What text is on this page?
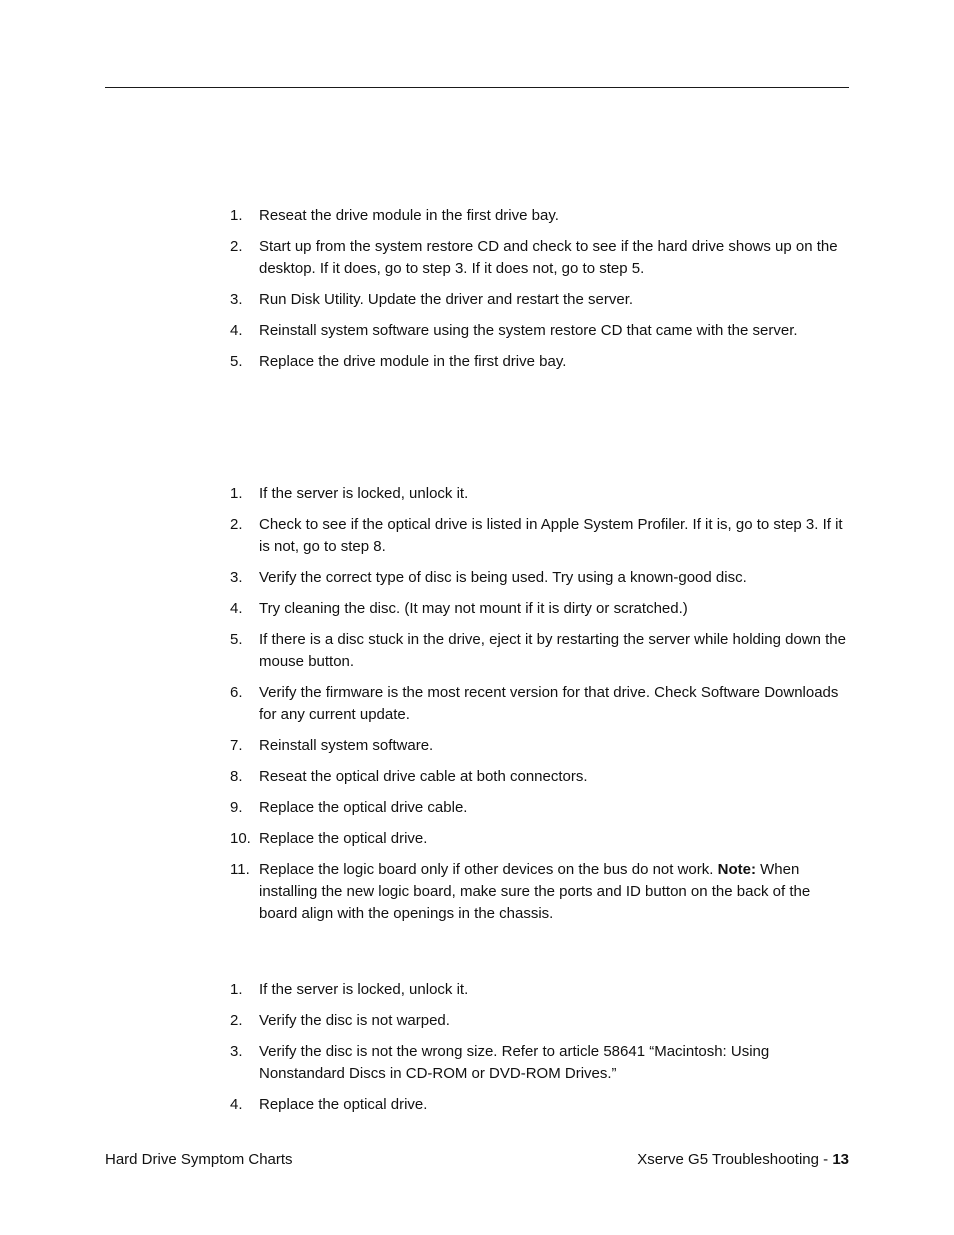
1. Reseat the drive module in the first drive bay.
2. Start up from the system restore CD and check to see if the hard drive shows up on the desktop. If it does, go to step 3. If it does not, go to step 5.
3. Run Disk Utility. Update the driver and restart the server.
4. Reinstall system software using the system restore CD that came with the server.
5. Replace the drive module in the first drive bay.
1. If the server is locked, unlock it.
2. Check to see if the optical drive is listed in Apple System Profiler. If it is, go to step 3. If it is not, go to step 8.
3. Verify the correct type of disc is being used. Try using a known-good disc.
4. Try cleaning the disc. (It may not mount if it is dirty or scratched.)
5. If there is a disc stuck in the drive, eject it by restarting the server while holding down the mouse button.
6. Verify the firmware is the most recent version for that drive. Check Software Downloads for any current update.
7. Reinstall system software.
8. Reseat the optical drive cable at both connectors.
9. Replace the optical drive cable.
10. Replace the optical drive.
11. Replace the logic board only if other devices on the bus do not work. Note: When installing the new logic board, make sure the ports and ID button on the back of the board align with the openings in the chassis.
1. If the server is locked, unlock it.
2. Verify the disc is not warped.
3. Verify the disc is not the wrong size. Refer to article 58641 “Macintosh: Using Nonstandard Discs in CD-ROM or DVD-ROM Drives.”
4. Replace the optical drive.
Hard Drive Symptom Charts	Xserve G5 Troubleshooting - 13
